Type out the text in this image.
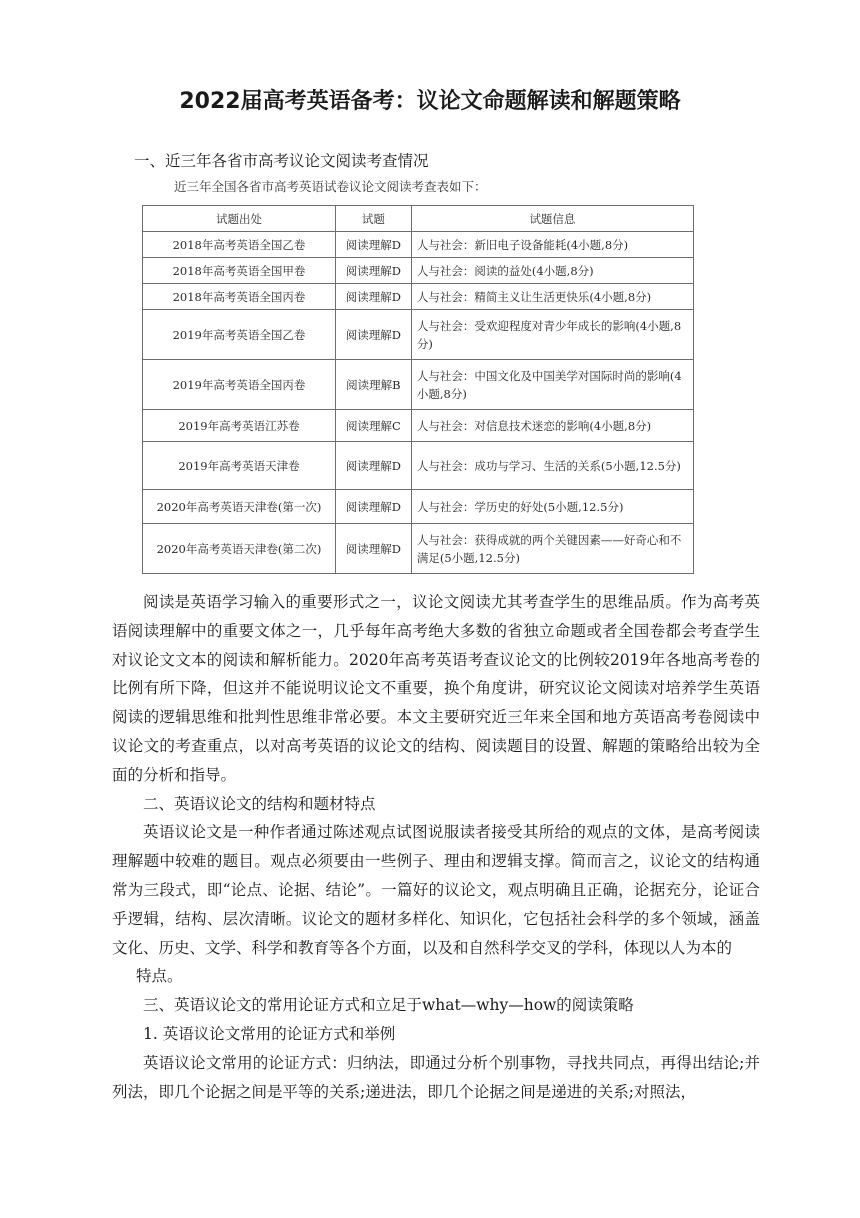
2022届高考英语备考：议论文命题解读和解题策略
一、近三年各省市高考议论文阅读考查情况
近三年全国各省市高考英语试卷议论文阅读考查表如下：
试题出处	试题	试题信息
2018年高考英语全国乙卷	阅读理解D	人与社会：新旧电子设备能耗(4小题,8分)
2018年高考英语全国甲卷	阅读理解D	人与社会：阅读的益处(4小题,8分)
2018年高考英语全国丙卷	阅读理解D	人与社会：精简主义让生活更快乐(4小题,8分)
2019年高考英语全国乙卷	阅读理解D	人与社会：受欢迎程度对青少年成长的影响(4小题,8分)
2019年高考英语全国丙卷	阅读理解B	人与社会：中国文化及中国美学对国际时尚的影响(4小题,8分)
2019年高考英语江苏卷	阅读理解C	人与社会：对信息技术迷恋的影响(4小题,8分)
2019年高考英语天津卷	阅读理解D	人与社会：成功与学习、生活的关系(5小题,12.5分)
2020年高考英语天津卷(第一次)	阅读理解D	人与社会：学历史的好处(5小题,12.5分)
2020年高考英语天津卷(第二次)	阅读理解D	人与社会：获得成就的两个关键因素——好奇心和不满足(5小题,12.5分)

阅读是英语学习输入的重要形式之一，议论文阅读尤其考查学生的思维品质。作为高考英语阅读理解中的重要文体之一，几乎每年高考绝大多数的省独立命题或者全国卷都会考查学生对议论文文本的阅读和解析能力。2020年高考英语考查议论文的比例较2019年各地高考卷的比例有所下降，但这并不能说明议论文不重要，换个角度讲，研究议论文阅读对培养学生英语阅读的逻辑思维和批判性思维非常必要。本文主要研究近三年来全国和地方英语高考卷阅读中议论文的考查重点，以对高考英语的议论文的结构、阅读题目的设置、解题的策略给出较为全面的分析和指导。

二、英语议论文的结构和题材特点

英语议论文是一种作者通过陈述观点试图说服读者接受其所给的观点的文体，是高考阅读理解题中较难的题目。观点必须要由一些例子、理由和逻辑支撑。简而言之，议论文的结构通常为三段式，即“论点、论据、结论”。一篇好的议论文，观点明确且正确，论据充分，论证合乎逻辑，结构、层次清晰。议论文的题材多样化、知识化，它包括社会科学的多个领域，涵盖文化、历史、文学、科学和教育等各个方面，以及和自然科学交叉的学科，体现以人为本的

特点。

三、英语议论文的常用论证方式和立足于what—why—how的阅读策略

1. 英语议论文常用的论证方式和举例

英语议论文常用的论证方式：归纳法，即通过分析个别事物，寻找共同点，再得出结论;并列法，即几个论据之间是平等的关系;递进法，即几个论据之间是递进的关系;对照法，
